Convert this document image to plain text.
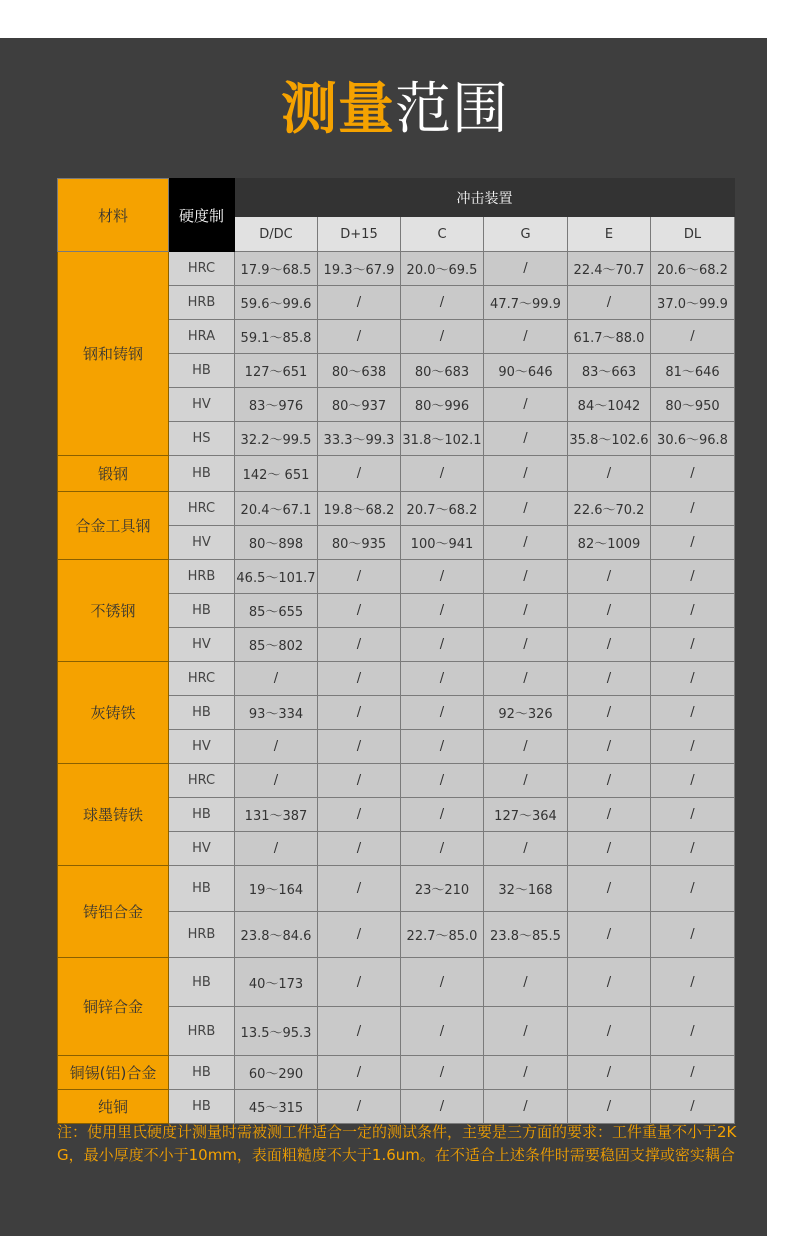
测量范围
材料	硬度制	冲击装置					
		D/DC	D+15	C	G	E	DL
钢和铸钢	HRC	17.9～68.5	19.3～67.9	20.0～69.5	/	22.4～70.7	20.6～68.2
	HRB	59.6～99.6	/	/	47.7～99.9	/	37.0～99.9
	HRA	59.1～85.8	/	/	/	61.7～88.0	/
	HB	127～651	80～638	80～683	90～646	83～663	81～646
	HV	83～976	80～937	80～996	/	84～1042	80～950
	HS	32.2～99.5	33.3～99.3	31.8～102.1	/	35.8～102.6	30.6～96.8
锻钢	HB	142～ 651	/	/	/	/	/
合金工具钢	HRC	20.4～67.1	19.8～68.2	20.7～68.2	/	22.6～70.2	/
	HV	80～898	80～935	100～941	/	82～1009	/
不锈钢	HRB	46.5～101.7	/	/	/	/	/
	HB	85～655	/	/	/	/	/
	HV	85～802	/	/	/	/	/
灰铸铁	HRC	/	/	/	/	/	/
	HB	93～334	/	/	92～326	/	/
	HV	/	/	/	/	/	/
球墨铸铁	HRC	/	/	/	/	/	/
	HB	131～387	/	/	127～364	/	/
	HV	/	/	/	/	/	/
铸铝合金	HB	19～164	/	23～210	32～168	/	/
	HRB	23.8～84.6	/	22.7～85.0	23.8～85.5	/	/
铜锌合金	HB	40～173	/	/	/	/	/
	HRB	13.5～95.3	/	/	/	/	/
铜锡(铝)合金	HB	60～290	/	/	/	/	/
纯铜	HB	45～315	/	/	/	/	/
注：使用里氏硬度计测量时需被测工件适合一定的测试条件，主要是三方面的要求：工件重量不小于2KG，最小厚度不小于10mm，表面粗糙度不大于1.6um。在不适合上述条件时需要稳固支撑或密实耦合
